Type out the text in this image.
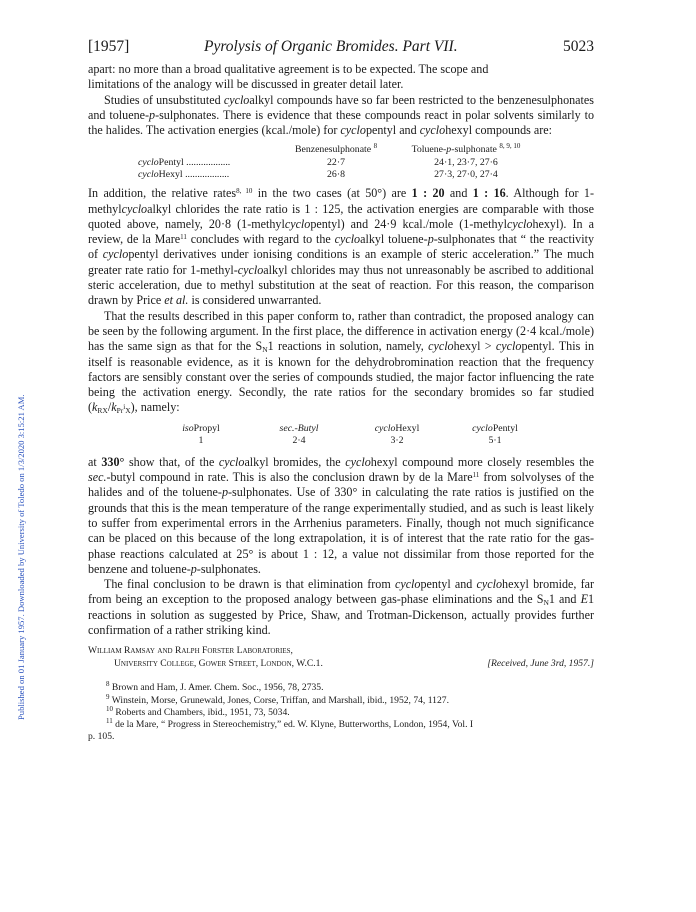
Published on 01 January 1957. Downloaded by University of Toledo on 1/3/2020 3:15:21 AM.
[1957]	Pyrolysis of Organic Bromides. Part VII.	5023

apart: no more than a broad qualitative agreement is to be expected. The scope and
limitations of the analogy will be discussed in greater detail later.

Studies of unsubstituted cycloalkyl compounds have so far been restricted to the benzenesulphonates and toluene-p-sulphonates. There is evidence that these compounds react in polar solvents similarly to the halides. The activation energies (kcal./mole) for cyclopentyl and cyclohexyl compounds are:

	Benzenesulphonate $^8$	Toluene-p-sulphonate $^{8, 9, 10}$
cycloPentyl ..................	22·7	24·1, 23·7, 27·6
cycloHexyl ..................	26·8	27·3, 27·0, 27·4

In addition, the relative rates$^{8, 10}$ in the two cases (at 50°) are 1 : 20 and 1 : 16. Although for 1-methylcycloalkyl chlorides the rate ratio is 1 : 125, the activation energies are comparable with those quoted above, namely, 20·8 (1-methylcyclopentyl) and 24·9 kcal./mole (1-methylcyclohexyl). In a review, de la Mare$^{11}$ concludes with regard to the cycloalkyl toluene-p-sulphonates that “ the reactivity of cyclopentyl derivatives under ionising conditions is an example of steric acceleration.” The much greater rate ratio for 1-methyl-cycloalkyl chlorides may thus not unreasonably be ascribed to additional steric acceleration, due to methyl substitution at the seat of reaction. For this reason, the comparison drawn by Price et al. is considered unwarranted.

That the results described in this paper conform to, rather than contradict, the proposed analogy can be seen by the following argument. In the first place, the difference in activation energy (2·4 kcal./mole) has the same sign as that for the $S_N1$ reactions in solution, namely, cyclohexyl > cyclopentyl. This in itself is reasonable evidence, as it is known for the dehydrobromination reaction that the frequency factors are sensibly constant over the series of compounds studied, the major factor influencing the rate being the activation energy. Secondly, the rate ratios for the secondary bromides so far studied $(k_{RX}/k_{Pr^iX})$, namely:

isoPropyl	sec.-Butyl	cycloHexyl	cycloPentyl
1	2·4	3·2	5·1

at 330° show that, of the cycloalkyl bromides, the cyclohexyl compound more closely resembles the sec.-butyl compound in rate. This is also the conclusion drawn by de la Mare$^{11}$ from solvolyses of the halides and of the toluene-p-sulphonates. Use of 330° in calculating the rate ratios is justified on the grounds that this is the mean temperature of the range experimentally studied, and as such is least likely to suffer from experimental errors in the Arrhenius parameters. Finally, though not much significance can be placed on this because of the long extrapolation, it is of interest that the rate ratio for the gas-phase reactions calculated at 25° is about 1 : 12, a value not dissimilar from those reported for the benzene and toluene-p-sulphonates.

The final conclusion to be drawn is that elimination from cyclopentyl and cyclohexyl bromide, far from being an exception to the proposed analogy between gas-phase eliminations and the $S_N1$ and E1 reactions in solution as suggested by Price, Shaw, and Trotman-Dickenson, actually provides further confirmation of a rather striking kind.

William Ramsay and Ralph Forster Laboratories,
University College, Gower Street, London, W.C.1.	[Received, June 3rd, 1957.]
$^8$ Brown and Ham, J. Amer. Chem. Soc., 1956, 78, 2735.
$^9$ Winstein, Morse, Grunewald, Jones, Corse, Triffan, and Marshall, ibid., 1952, 74, 1127.
$^{10}$ Roberts and Chambers, ibid., 1951, 73, 5034.
$^{11}$ de la Mare, “ Progress in Stereochemistry,” ed. W. Klyne, Butterworths, London, 1954, Vol. I
p. 105.
